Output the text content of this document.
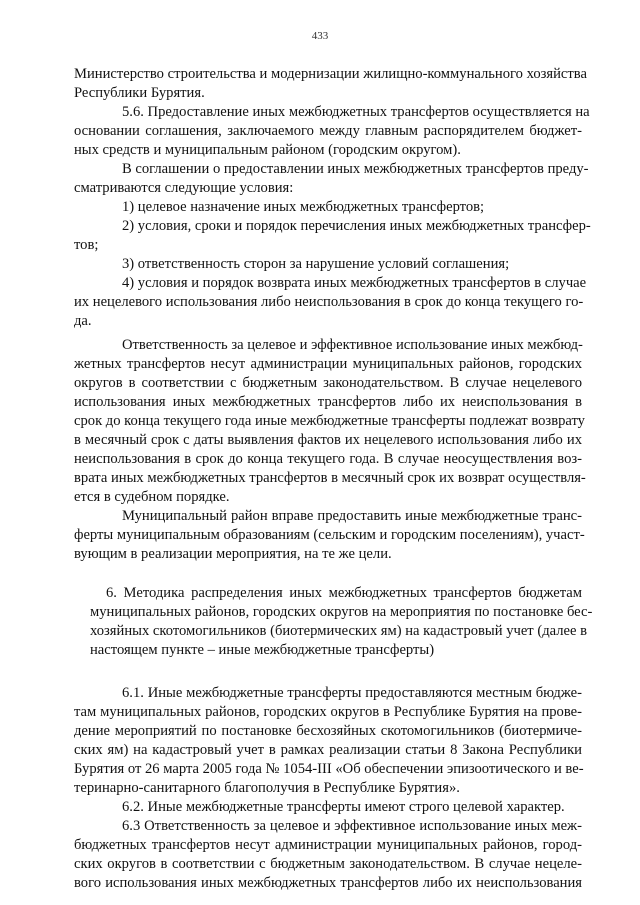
433
Министерство строительства и модернизации жилищно-коммунального хозяйства
Республики Бурятия.
5.6. Предоставление иных межбюджетных трансфертов осуществляется на
основании соглашения, заключаемого между главным распорядителем бюджет-
ных средств и муниципальным районом (городским округом).
В соглашении о предоставлении иных межбюджетных трансфертов преду-
сматриваются следующие условия:
1) целевое назначение иных межбюджетных трансфертов;
2) условия, сроки и порядок перечисления иных межбюджетных трансфер-
тов;
3) ответственность сторон за нарушение условий соглашения;
4) условия и порядок возврата иных межбюджетных трансфертов в случае
их нецелевого использования либо неиспользования в срок до конца текущего го-
да.
Ответственность за целевое и эффективное использование иных межбюд-
жетных трансфертов несут администрации муниципальных районов, городских
округов в соответствии с бюджетным законодательством. В случае нецелевого
использования иных межбюджетных трансфертов либо их неиспользования в
срок до конца текущего года иные межбюджетные трансферты подлежат возврату
в месячный срок с даты выявления фактов их нецелевого использования либо их
неиспользования в срок до конца текущего года. В случае неосуществления воз-
врата иных межбюджетных трансфертов в месячный срок их возврат осуществля-
ется в судебном порядке.
Муниципальный район вправе предоставить иные межбюджетные транс-
ферты муниципальным образованиям (сельским и городским поселениям), участ-
вующим в реализации мероприятия, на те же цели.
6. Методика распределения иных межбюджетных трансфертов бюджетам
муниципальных районов, городских округов на мероприятия по постановке бес-
хозяйных скотомогильников (биотермических ям) на кадастровый учет (далее в
настоящем пункте – иные межбюджетные трансферты)
6.1. Иные межбюджетные трансферты предоставляются местным бюдже-
там муниципальных районов, городских округов в Республике Бурятия на прове-
дение мероприятий по постановке бесхозяйных скотомогильников (биотермиче-
ских ям) на кадастровый учет в рамках реализации статьи 8 Закона Республики
Бурятия от 26 марта 2005 года № 1054-III «Об обеспечении эпизоотического и ве-
теринарно-санитарного благополучия в Республике Бурятия».
6.2. Иные межбюджетные трансферты имеют строго целевой характер.
6.3 Ответственность за целевое и эффективное использование иных меж-
бюджетных трансфертов несут администрации муниципальных районов, город-
ских округов в соответствии с бюджетным законодательством. В случае нецеле-
вого использования иных межбюджетных трансфертов либо их неиспользования
